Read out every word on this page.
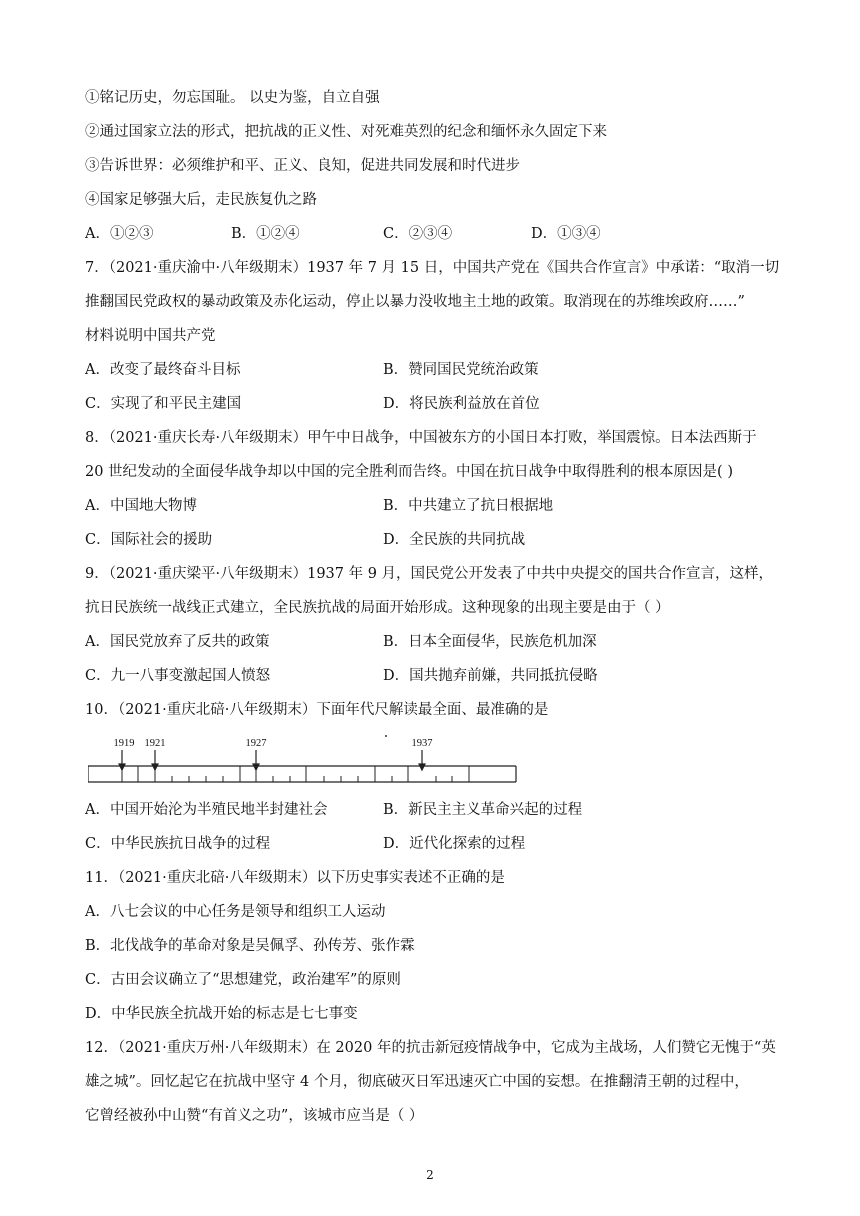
①铭记历史，勿忘国耻。 以史为鉴，自立自强
②通过国家立法的形式，把抗战的正义性、对死难英烈的纪念和缅怀永久固定下来
③告诉世界：必须维护和平、正义、良知，促进共同发展和时代进步
④国家足够强大后，走民族复仇之路
A．①②③	B．①②④	C．②③④	D．①③④
7．（2021·重庆渝中·八年级期末）1937 年 7 月 15 日，中国共产党在《国共合作宣言》中承诺：“取消一切
推翻国民党政权的暴动政策及赤化运动，停止以暴力没收地主土地的政策。取消现在的苏维埃政府……”
材料说明中国共产党
A．改变了最终奋斗目标	B．赞同国民党统治政策
C．实现了和平民主建国	D．将民族利益放在首位
8．（2021·重庆长寿·八年级期末）甲午中日战争，中国被东方的小国日本打败，举国震惊。日本法西斯于
20 世纪发动的全面侵华战争却以中国的完全胜利而告终。中国在抗日战争中取得胜利的根本原因是( )
A．中国地大物博	B．中共建立了抗日根据地
C．国际社会的援助	D．全民族的共同抗战
9．（2021·重庆梁平·八年级期末）1937 年 9 月，国民党公开发表了中共中央提交的国共合作宣言，这样，
抗日民族统一战线正式建立，全民族抗战的局面开始形成。这种现象的出现主要是由于（ ）
A．国民党放弃了反共的政策	B．日本全面侵华，民族危机加深
C．九一八事变激起国人愤怒	D．国共抛弃前嫌，共同抵抗侵略
10．（2021·重庆北碚·八年级期末）下面年代尺解读最全面、最准确的是
1919 1921	1927	1937
A．中国开始沦为半殖民地半封建社会	B．新民主主义革命兴起的过程
C．中华民族抗日战争的过程	D．近代化探索的过程
11．（2021·重庆北碚·八年级期末）以下历史事实表述不正确的是
A．八七会议的中心任务是领导和组织工人运动
B．北伐战争的革命对象是吴佩孚、孙传芳、张作霖
C．古田会议确立了“思想建党，政治建军”的原则
D．中华民族全抗战开始的标志是七七事变
12．（2021·重庆万州·八年级期末）在 2020 年的抗击新冠疫情战争中，它成为主战场，人们赞它无愧于“英
雄之城”。回忆起它在抗战中坚守 4 个月，彻底破灭日军迅速灭亡中国的妄想。在推翻清王朝的过程中，
它曾经被孙中山赞“有首义之功”，该城市应当是（ ）
2
